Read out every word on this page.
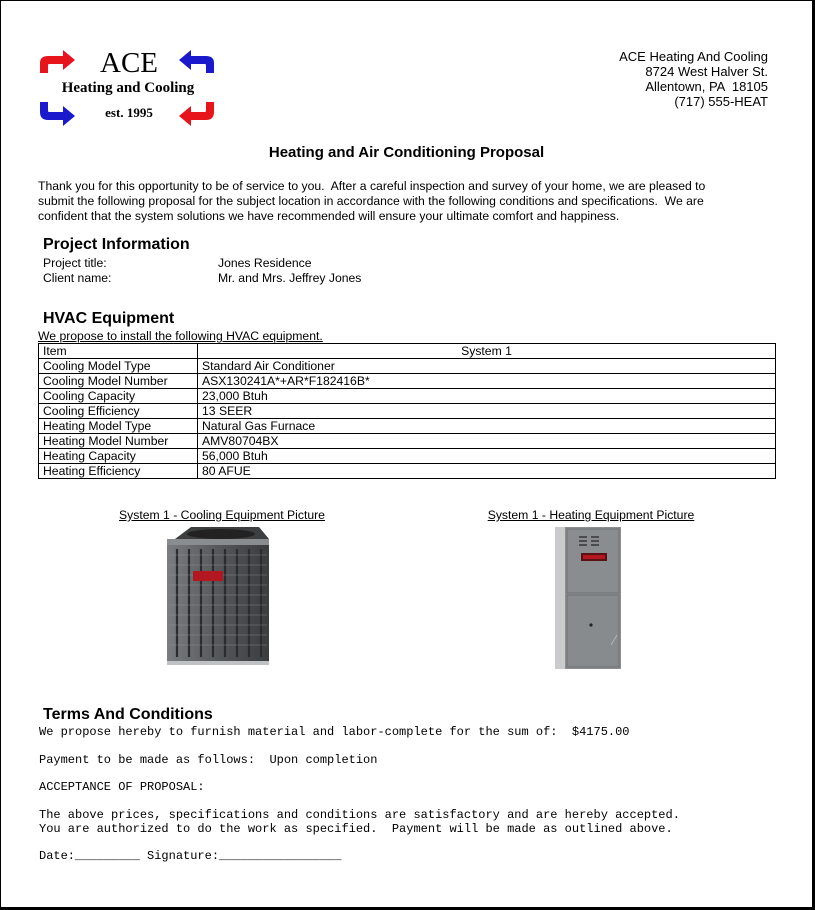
ACE
Heating and Cooling
est. 1995
ACE Heating And Cooling
8724 West Halver St.
Allentown, PA  18105
(717) 555-HEAT
Heating and Air Conditioning Proposal
Thank you for this opportunity to be of service to you.  After a careful inspection and survey of your home, we are pleased to
submit the following proposal for the subject location in accordance with the following conditions and specifications.  We are
confident that the system solutions we have recommended will ensure your ultimate comfort and happiness.
Project Information
Project title:	Jones Residence
Client name:	Mr. and Mrs. Jeffrey Jones
HVAC Equipment
We propose to install the following HVAC equipment.
Item	System 1
Cooling Model Type	Standard Air Conditioner
Cooling Model Number	ASX130241A*+AR*F182416B*
Cooling Capacity	23,000 Btuh
Cooling Efficiency	13 SEER
Heating Model Type	Natural Gas Furnace
Heating Model Number	AMV80704BX
Heating Capacity	56,000 Btuh
Heating Efficiency	80 AFUE
System 1 - Cooling Equipment Picture	System 1 - Heating Equipment Picture
Terms And Conditions
We propose hereby to furnish material and labor-complete for the sum of:  $4175.00
Payment to be made as follows:  Upon completion
ACCEPTANCE OF PROPOSAL:
The above prices, specifications and conditions are satisfactory and are hereby accepted.
You are authorized to do the work as specified.  Payment will be made as outlined above.
Date:_________ Signature:_________________
